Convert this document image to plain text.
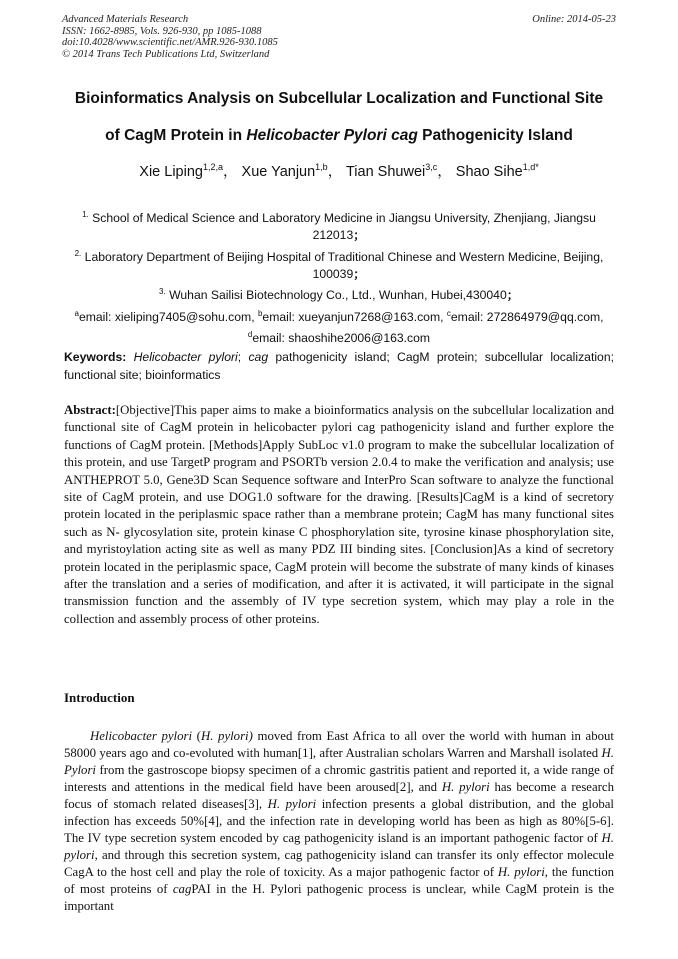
Advanced Materials Research
ISSN: 1662-8985, Vols. 926-930, pp 1085-1088
doi:10.4028/www.scientific.net/AMR.926-930.1085
© 2014 Trans Tech Publications Ltd, Switzerland
Online: 2014-05-23
Bioinformatics Analysis on Subcellular Localization and Functional Site
of CagM Protein in Helicobacter Pylori cag Pathogenicity Island
Xie Liping$^{1,2,a}$， Xue Yanjun$^{1,b}$， Tian Shuwei$^{3,c}$， Shao Sihe$^{1,d*}$
$^{1.}$ School of Medical Science and Laboratory Medicine in Jiangsu University, Zhenjiang, Jiangsu 212013；
$^{2.}$ Laboratory Department of Beijing Hospital of Traditional Chinese and Western Medicine, Beijing, 100039；
$^{3.}$ Wuhan Sailisi Biotechnology Co., Ltd., Wunhan, Hubei,430040；
$^a$email: xieliping7405@sohu.com, $^b$email: xueyanjun7268@163.com, $^c$email: 272864979@qq.com,
$^d$email: shaoshihe2006@163.com
Keywords: Helicobacter pylori; cag pathogenicity island; CagM protein; subcellular localization; functional site; bioinformatics
Abstract:[Objective]This paper aims to make a bioinformatics analysis on the subcellular localization and functional site of CagM protein in helicobacter pylori cag pathogenicity island and further explore the functions of CagM protein. [Methods]Apply SubLoc v1.0 program to make the subcellular localization of this protein, and use TargetP program and PSORTb version 2.0.4 to make the verification and analysis; use ANTHEPROT 5.0, Gene3D Scan Sequence software and InterPro Scan software to analyze the functional site of CagM protein, and use DOG1.0 software for the drawing. [Results]CagM is a kind of secretory protein located in the periplasmic space rather than a membrane protein; CagM has many functional sites such as N- glycosylation site, protein kinase C phosphorylation site, tyrosine kinase phosphorylation site, and myristoylation acting site as well as many PDZ III binding sites. [Conclusion]As a kind of secretory protein located in the periplasmic space, CagM protein will become the substrate of many kinds of kinases after the translation and a series of modification, and after it is activated, it will participate in the signal transmission function and the assembly of IV type secretion system, which may play a role in the collection and assembly process of other proteins.
Introduction
Helicobacter pylori (H. pylori) moved from East Africa to all over the world with human in about 58000 years ago and co-evoluted with human[1], after Australian scholars Warren and Marshall isolated H. Pylori from the gastroscope biopsy specimen of a chromic gastritis patient and reported it, a wide range of interests and attentions in the medical field have been aroused[2], and H. pylori has become a research focus of stomach related diseases[3], H. pylori infection presents a global distribution, and the global infection has exceeds 50%[4], and the infection rate in developing world has been as high as 80%[5-6]. The IV type secretion system encoded by cag pathogenicity island is an important pathogenic factor of H. pylori, and through this secretion system, cag pathogenicity island can transfer its only effector molecule CagA to the host cell and play the role of toxicity. As a major pathogenic factor of H. pylori, the function of most proteins of cagPAI in the H. Pylori pathogenic process is unclear, while CagM protein is the important
